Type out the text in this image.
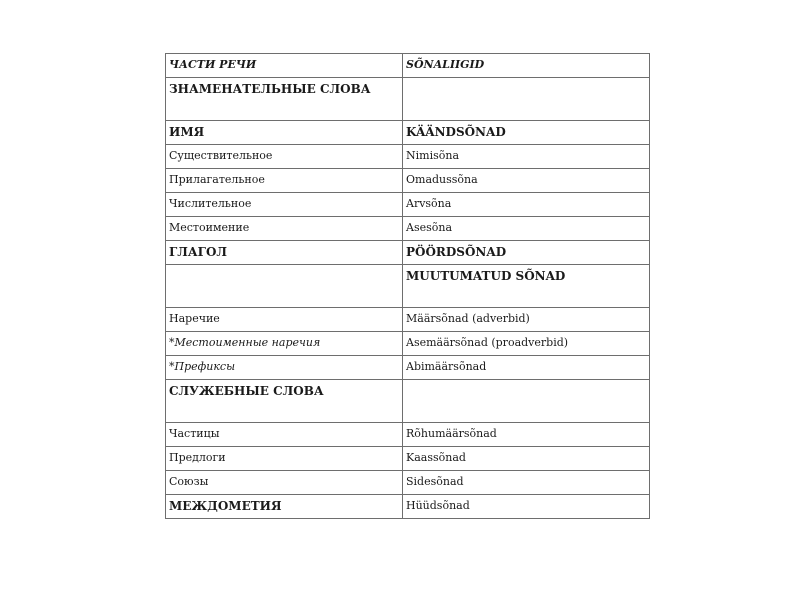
ЧАСТИ РЕЧИ	SÕNALIIGID
ЗНАМЕНАТЕЛЬНЫЕ СЛОВА	
ИМЯ	KÄÄNDSÕNAD
Существительное	Nimisõna
Прилагательное	Omadussõna
Числительное	Arvsõna
Местоимение	Asesõna
ГЛАГОЛ	PÖÖRDSÕNAD
	MUUTUMATUD SÕNAD
Наречие	Määrsõnad (adverbid)
*Местоименные наречия	Asemäärsõnad (proadverbid)
*Префиксы	Abimäärsõnad
СЛУЖЕБНЫЕ СЛОВА	
Частицы	Rõhumäärsõnad
Предлоги	Kaassõnad
Союзы	Sidesõnad
МЕЖДОМЕТИЯ	Hüüdsõnad
